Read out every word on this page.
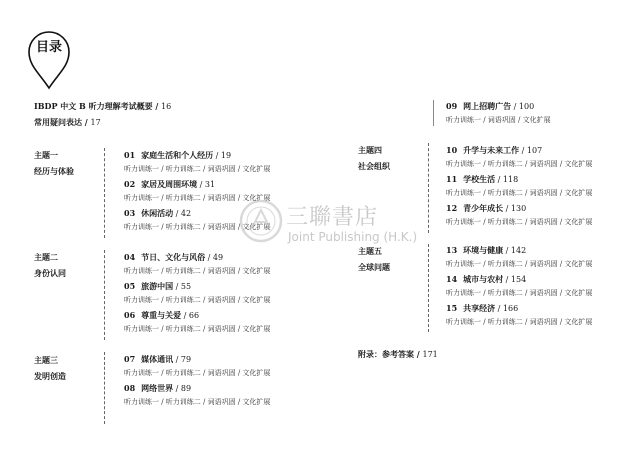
目录
IBDP 中文 B 听力理解考试概要 / 16
常用疑问表达 / 17
主题一
经历与体验
01 家庭生活和个人经历 / 19
听力训练一 / 听力训练二 / 词语巩固 / 文化扩展
02 家居及周围环境 / 31
听力训练一 / 听力训练二 / 词语巩固 / 文化扩展
03 休闲活动 / 42
听力训练一 / 听力训练二 / 词语巩固 / 文化扩展
主题二
身份认同
04 节日、文化与风俗 / 49
听力训练一 / 听力训练二 / 词语巩固 / 文化扩展
05 旅游中国 / 55
听力训练一 / 听力训练二 / 词语巩固 / 文化扩展
06 尊重与关爱 / 66
听力训练一 / 听力训练二 / 词语巩固 / 文化扩展
主题三
发明创造
07 媒体通讯 / 79
听力训练一 / 听力训练二 / 词语巩固 / 文化扩展
08 网络世界 / 89
听力训练一 / 听力训练二 / 词语巩固 / 文化扩展
09 网上招聘广告 / 100
听力训练一 / 词语巩固 / 文化扩展
主题四
社会组织
10 升学与未来工作 / 107
听力训练一 / 听力训练二 / 词语巩固 / 文化扩展
11 学校生活 / 118
听力训练一 / 听力训练二 / 词语巩固 / 文化扩展
12 青少年成长 / 130
听力训练一 / 听力训练二 / 词语巩固 / 文化扩展
主题五
全球问题
13 环境与健康 / 142
听力训练一 / 听力训练二 / 词语巩固 / 文化扩展
14 城市与农村 / 154
听力训练一 / 听力训练二 / 词语巩固 / 文化扩展
15 共享经济 / 166
听力训练一 / 听力训练二 / 词语巩固 / 文化扩展
附录：参考答案 / 171
三聯書店
Joint Publishing (H.K.)
